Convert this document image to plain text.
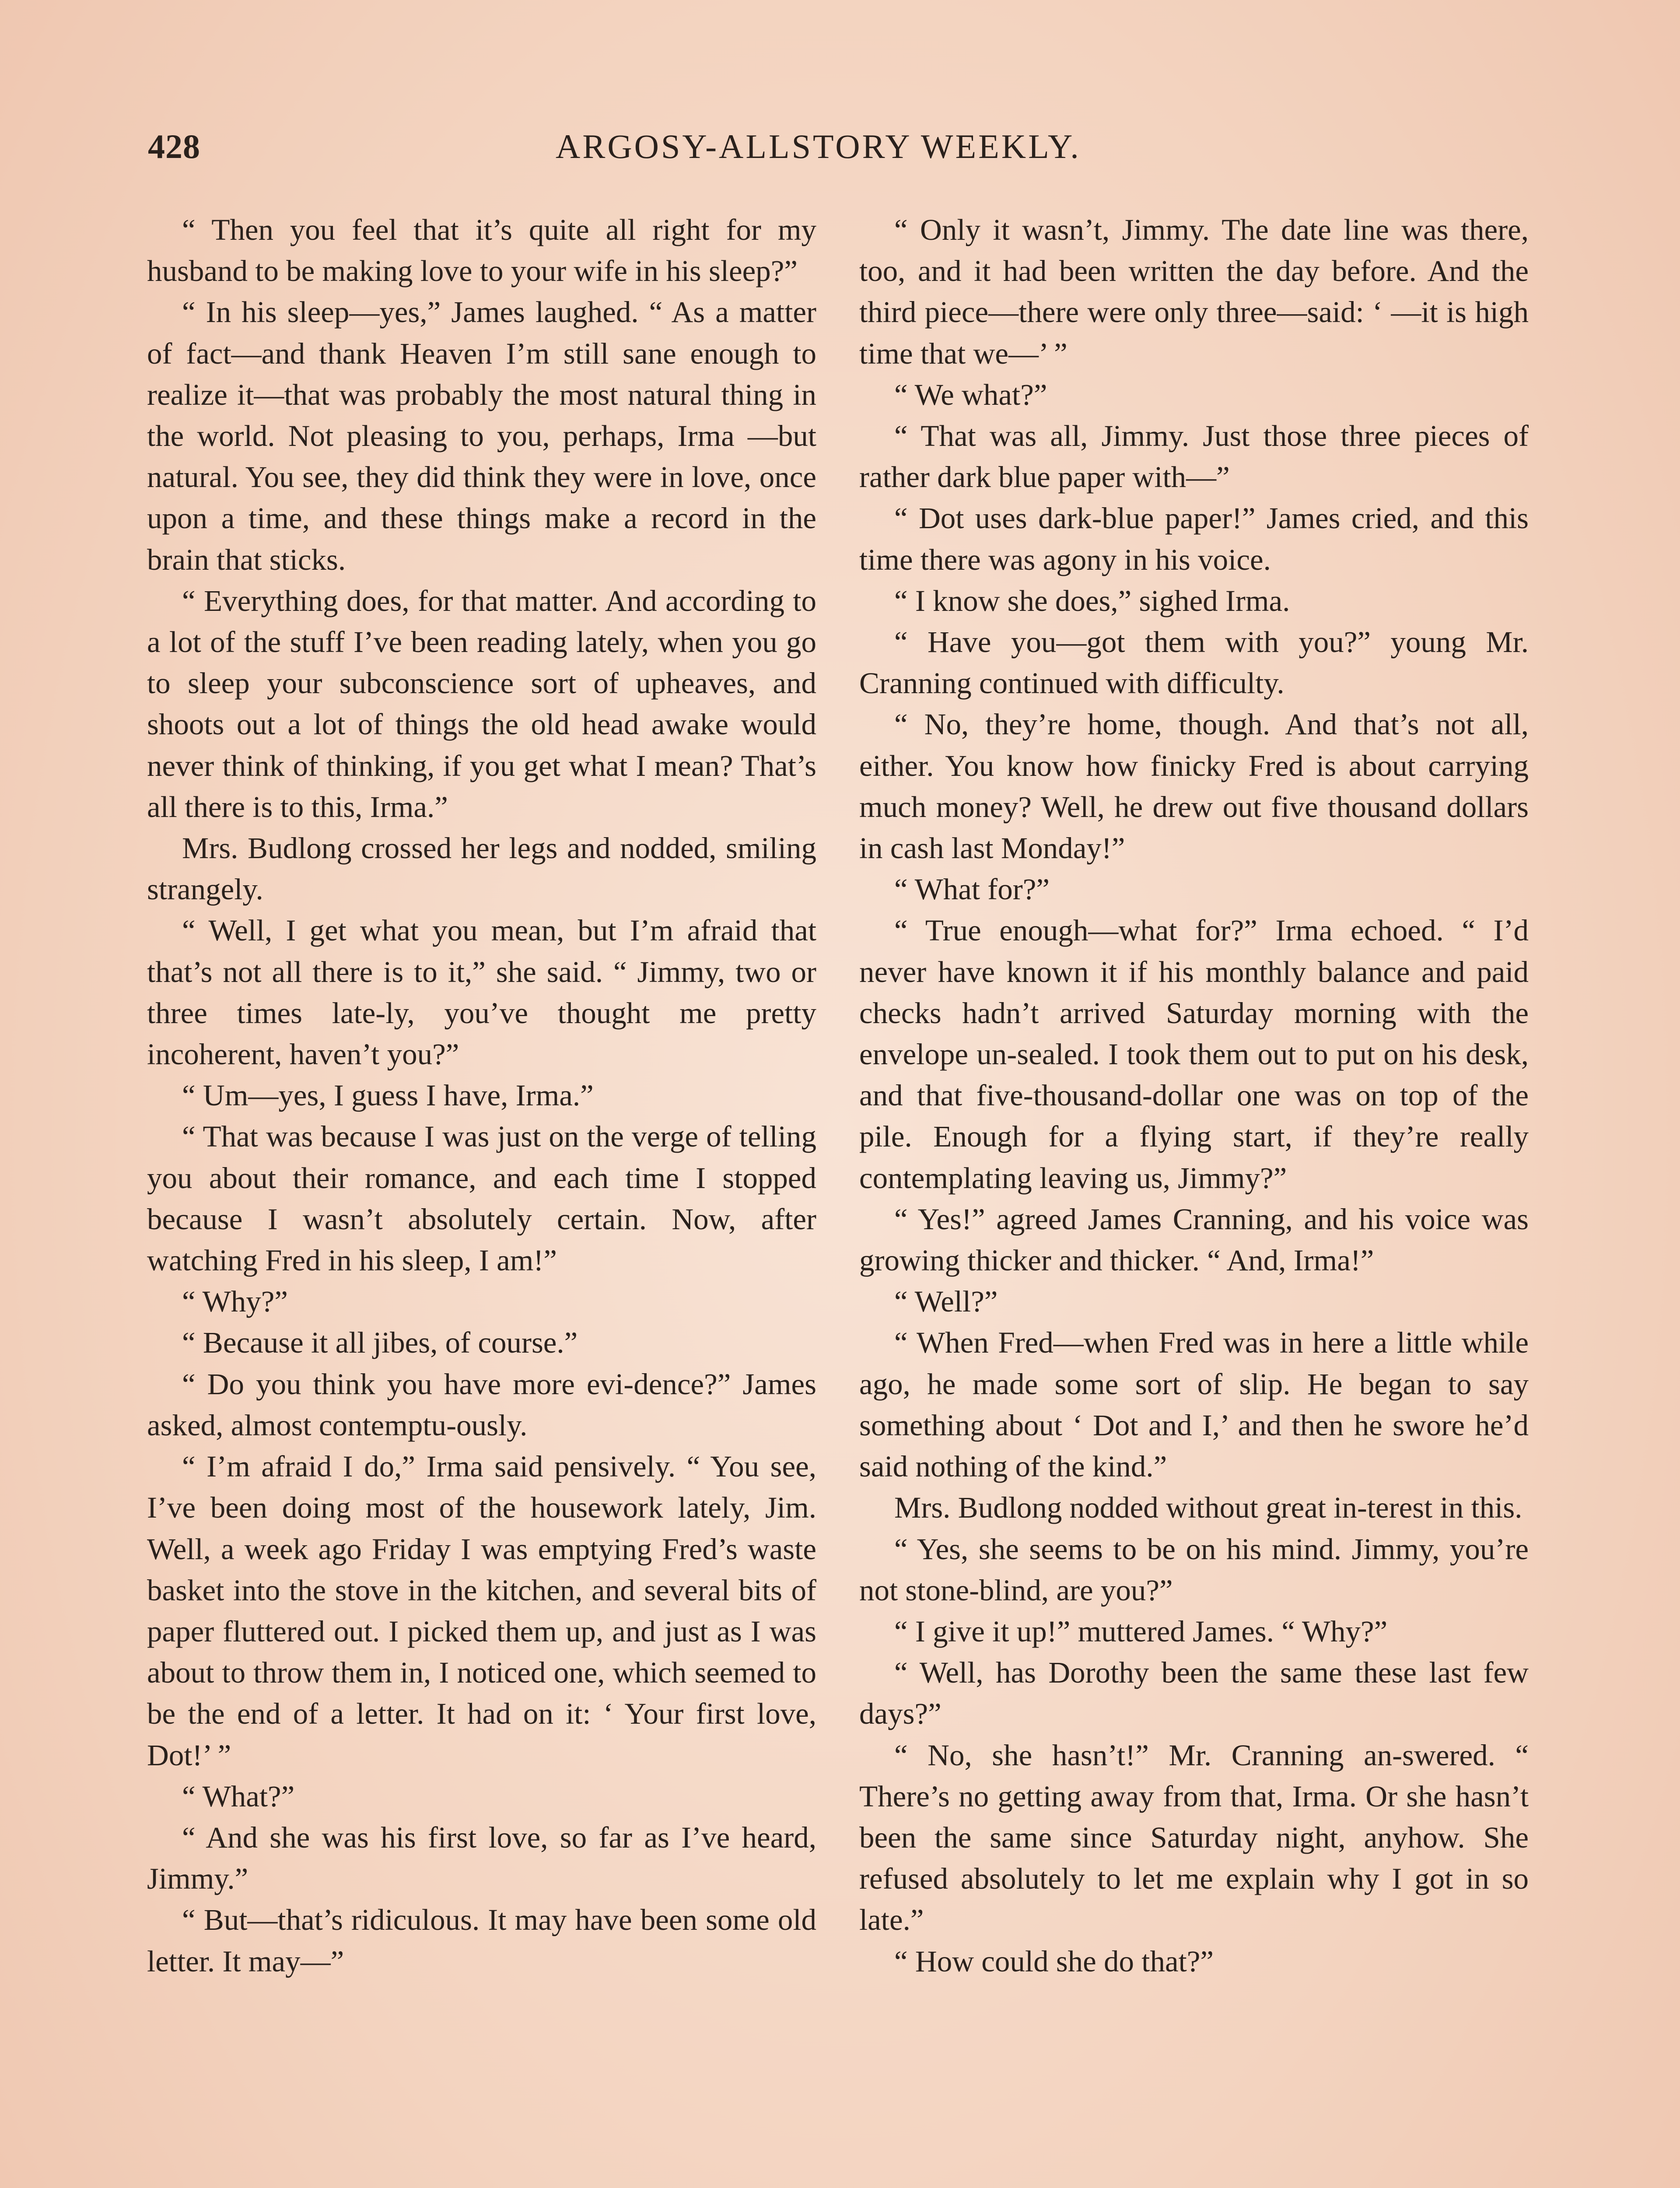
428	ARGOSY-ALLSTORY WEEKLY.

“ Then you feel that it’s quite all right for my husband to be making love to your wife in his sleep?”

“ In his sleep—yes,” James laughed. “ As a matter of fact—and thank Heaven I’m still sane enough to realize it—that was probably the most natural thing in the world. Not pleasing to you, perhaps, Irma —but natural. You see, they did think they were in love, once upon a time, and these things make a record in the brain that sticks.

“ Everything does, for that matter. And according to a lot of the stuff I’ve been reading lately, when you go to sleep your subconscience sort of upheaves, and shoots out a lot of things the old head awake would never think of thinking, if you get what I mean? That’s all there is to this, Irma.”

Mrs. Budlong crossed her legs and nodded, smiling strangely.

“ Well, I get what you mean, but I’m afraid that that’s not all there is to it,” she said. “ Jimmy, two or three times late-ly, you’ve thought me pretty incoherent, haven’t you?”

“ Um—yes, I guess I have, Irma.”

“ That was because I was just on the verge of telling you about their romance, and each time I stopped because I wasn’t absolutely certain. Now, after watching Fred in his sleep, I am!”

“ Why?”

“ Because it all jibes, of course.”

“ Do you think you have more evi-dence?” James asked, almost contemptu-ously.

“ I’m afraid I do,” Irma said pensively. “ You see, I’ve been doing most of the housework lately, Jim. Well, a week ago Friday I was emptying Fred’s waste basket into the stove in the kitchen, and several bits of paper fluttered out. I picked them up, and just as I was about to throw them in, I noticed one, which seemed to be the end of a letter. It had on it: ‘ Your first love, Dot!’ ”

“ What?”

“ And she was his first love, so far as I’ve heard, Jimmy.”

“ But—that’s ridiculous. It may have been some old letter. It may—”

“ Only it wasn’t, Jimmy. The date line was there, too, and it had been written the day before. And the third piece—there were only three—said: ‘ —it is high time that we—’ ”

“ We what?”

“ That was all, Jimmy. Just those three pieces of rather dark blue paper with—”

“ Dot uses dark-blue paper!” James cried, and this time there was agony in his voice.

“ I know she does,” sighed Irma.

“ Have you—got them with you?” young Mr. Cranning continued with difficulty.

“ No, they’re home, though. And that’s not all, either. You know how finicky Fred is about carrying much money? Well, he drew out five thousand dollars in cash last Monday!”

“ What for?”

“ True enough—what for?” Irma echoed. “ I’d never have known it if his monthly balance and paid checks hadn’t arrived Saturday morning with the envelope un-sealed. I took them out to put on his desk, and that five-thousand-dollar one was on top of the pile. Enough for a flying start, if they’re really contemplating leaving us, Jimmy?”

“ Yes!” agreed James Cranning, and his voice was growing thicker and thicker. “ And, Irma!”

“ Well?”

“ When Fred—when Fred was in here a little while ago, he made some sort of slip. He began to say something about ‘ Dot and I,’ and then he swore he’d said nothing of the kind.”

Mrs. Budlong nodded without great in-terest in this.

“ Yes, she seems to be on his mind. Jimmy, you’re not stone-blind, are you?”

“ I give it up!” muttered James. “ Why?”

“ Well, has Dorothy been the same these last few days?”

“ No, she hasn’t!” Mr. Cranning an-swered. “ There’s no getting away from that, Irma. Or she hasn’t been the same since Saturday night, anyhow. She refused absolutely to let me explain why I got in so late.”

“ How could she do that?”
